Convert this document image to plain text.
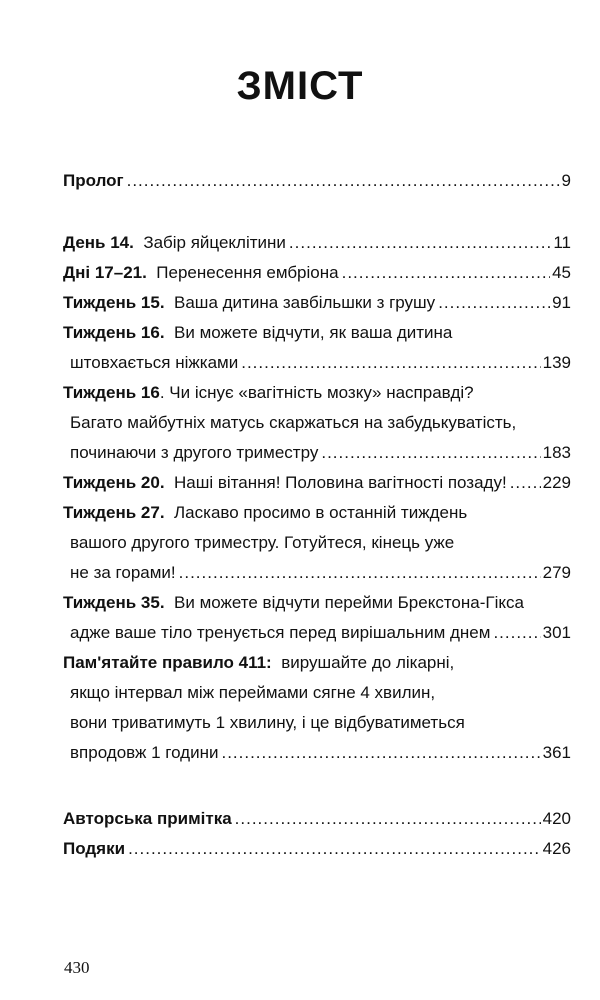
ЗМІСТ
Пролог .....	9
День 14. Забір яйцеклітини .....	11
Дні 17–21. Перенесення ембріона .....	45
Тиждень 15. Ваша дитина завбільшки з грушу .....	91
Тиждень 16. Ви можете відчути, як ваша дитина
штовхається ніжками .....	139
Тиждень 16. Чи існує «вагітність мозку» насправді?
Багато майбутніх матусь скаржаться на забудькуватість,
починаючи з другого триместру .....	183
Тиждень 20. Наші вітання! Половина вагітності позаду! ..... 229
Тиждень 27. Ласкаво просимо в останній тиждень
вашого другого триместру. Готуйтеся, кінець уже
не за горами! .....	279
Тиждень 35. Ви можете відчути перейми Брекстона-Гікса
адже ваше тіло тренується перед вирішальним днем .....	301
Пам'ятайте правило 411: вирушайте до лікарні,
якщо інтервал між переймами сягне 4 хвилин,
вони триватимуть 1 хвилину, і це відбуватиметься
впродовж 1 години .....	361
Авторська примітка .....	420
Подяки .....	426
430
